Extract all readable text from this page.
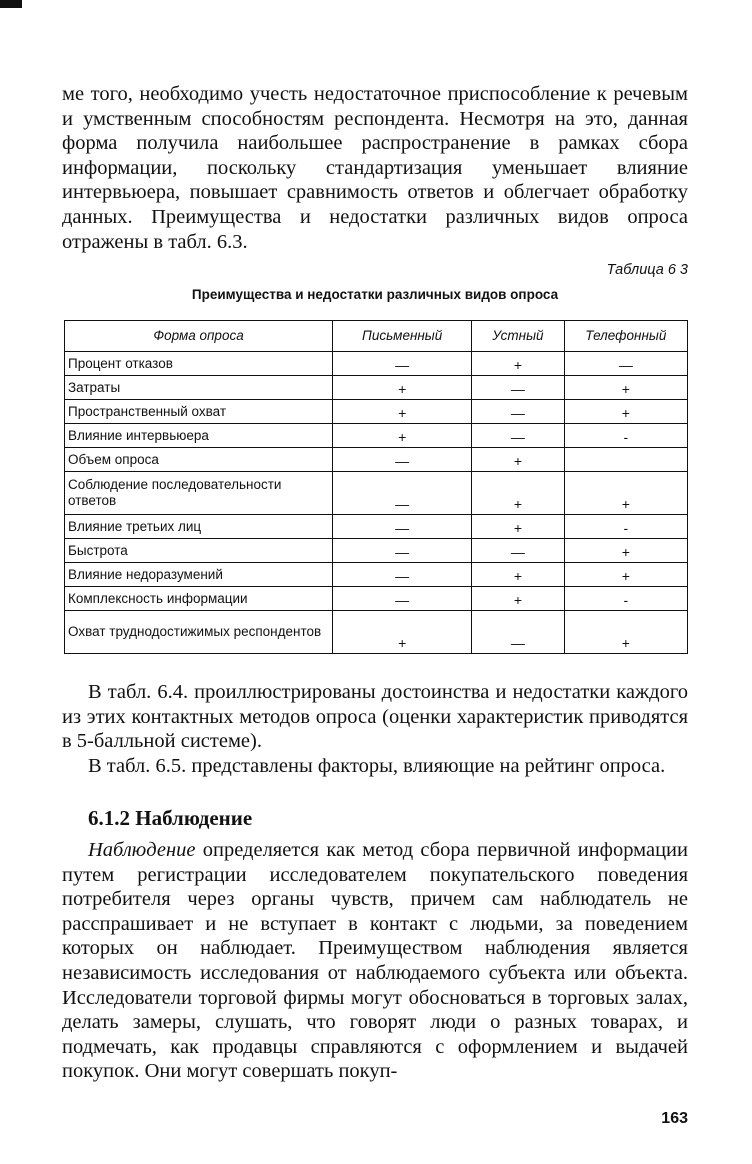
ме того, необходимо учесть недостаточное приспособление к речевым и умственным способностям респондента. Несмотря на это, данная форма получила наибольшее распространение в рамках сбора информации, поскольку стандартизация уменьшает влияние интервьюера, повышает сравнимость ответов и облегчает обработку данных. Преимущества и недостатки различных видов опроса отражены в табл. 6.3.

Таблица 6 3
Преимущества и недостатки различных видов опроса
Форма опроса	Письменный	Устный	Телефонный
Процент отказов	—	+	—
Затраты	+	—	+
Пространственный охват	+	—	+
Влияние интервьюера	+	—	-
Объем опроса	—	+	
Соблюдение последовательности ответов	—	+	+
Влияние третьих лиц	—	+	-
Быстрота	—	—	+
Влияние недоразумений	—	+	+
Комплексность информации	—	+	-
Охват труднодостижимых респондентов	+	—	+

В табл. 6.4. проиллюстрированы достоинства и недостатки каждого из этих контактных методов опроса (оценки характеристик приводятся в 5-балльной системе).

В табл. 6.5. представлены факторы, влияющие на рейтинг опроса.

6.1.2 Наблюдение

Наблюдение определяется как метод сбора первичной информации путем регистрации исследователем покупательского поведения потребителя через органы чувств, причем сам наблюдатель не расспрашивает и не вступает в контакт с людьми, за поведением которых он наблюдает. Преимуществом наблюдения является независимость исследования от наблюдаемого субъекта или объекта. Исследователи торговой фирмы могут обосноваться в торговых залах, делать замеры, слушать, что говорят люди о разных товарах, и подмечать, как продавцы справляются с оформлением и выдачей покупок. Они могут совершать покуп-

163
